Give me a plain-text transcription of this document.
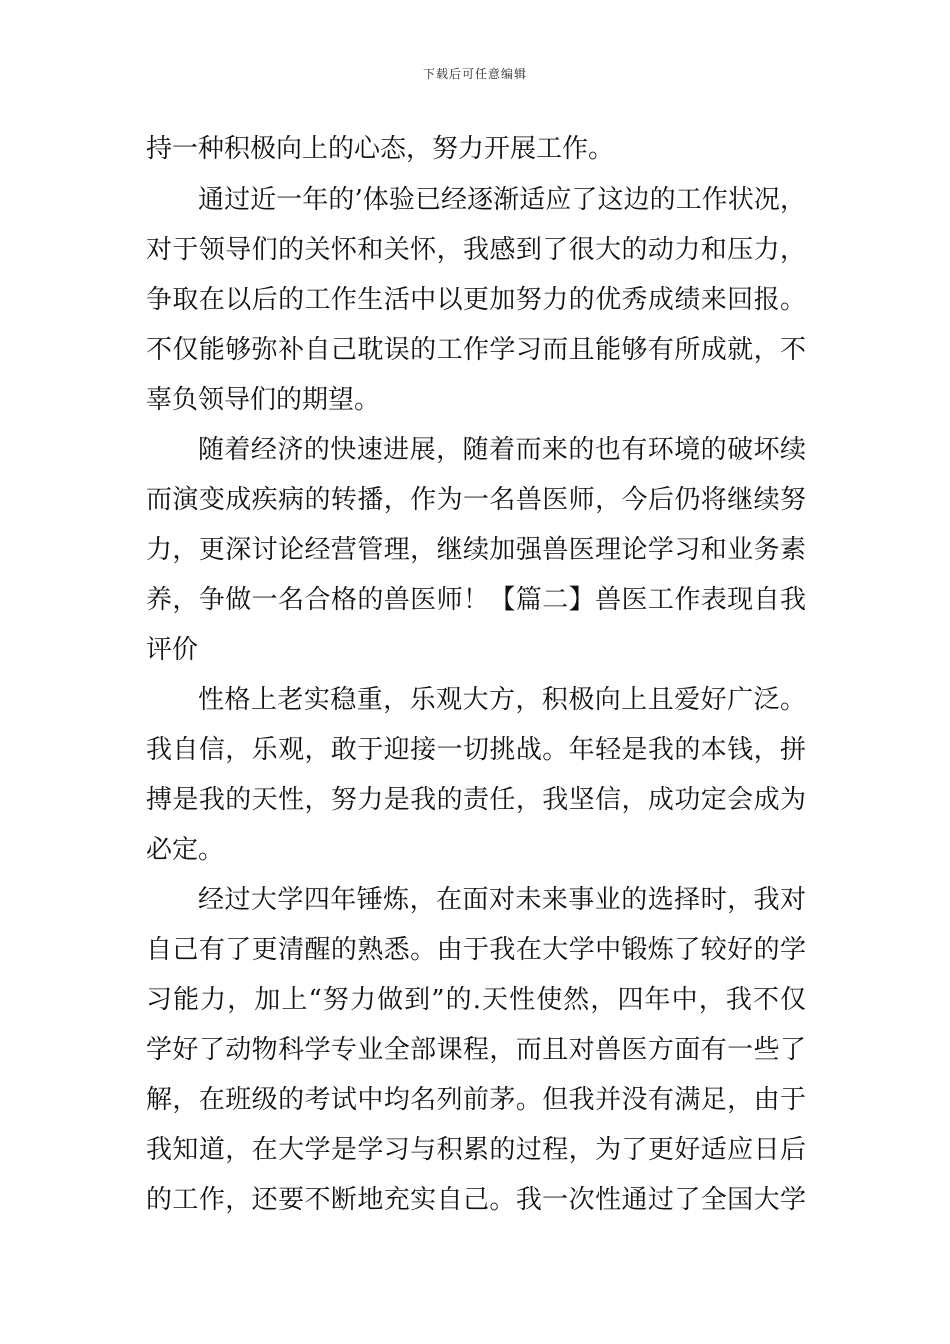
下载后可任意编辑
持一种积极向上的心态，努力开展工作。
通过近一年的’体验已经逐渐适应了这边的工作状况，
对于领导们的关怀和关怀，我感到了很大的动力和压力，
争取在以后的工作生活中以更加努力的优秀成绩来回报。
不仅能够弥补自己耽误的工作学习而且能够有所成就，不
辜负领导们的期望。
随着经济的快速进展，随着而来的也有环境的破坏续
而演变成疾病的转播，作为一名兽医师，今后仍将继续努
力，更深讨论经营管理，继续加强兽医理论学习和业务素
养，争做一名合格的兽医师！【篇二】兽医工作表现自我
评价
性格上老实稳重，乐观大方，积极向上且爱好广泛。
我自信，乐观，敢于迎接一切挑战。年轻是我的本钱，拼
搏是我的天性，努力是我的责任，我坚信，成功定会成为
必定。
经过大学四年锤炼，在面对未来事业的选择时，我对
自己有了更清醒的熟悉。由于我在大学中锻炼了较好的学
习能力，加上“努力做到”的.天性使然，四年中，我不仅
学好了动物科学专业全部课程，而且对兽医方面有一些了
解，在班级的考试中均名列前茅。但我并没有满足，由于
我知道，在大学是学习与积累的过程，为了更好适应日后
的工作，还要不断地充实自己。我一次性通过了全国大学
